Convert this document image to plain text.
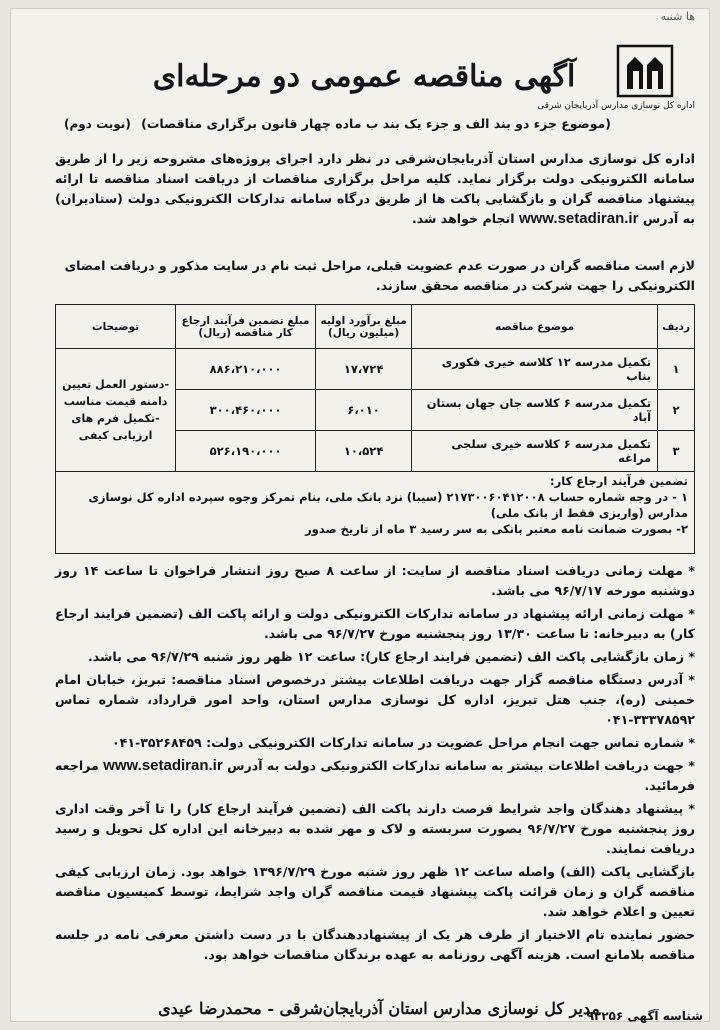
ها شنبه
اداره کل نوسازی مدارس آذربایجان شرقی
آگهی مناقصه عمومی دو مرحله‌ای
(موضوع جزء دو بند الف و جزء یک بند ب ماده چهار قانون برگزاری مناقصات) (نوبت دوم)
اداره کل نوسازی مدارس استان آذربایجان‌شرقی در نظر دارد اجرای پروژه‌های مشروحه زیر را از طریق سامانه الکترونیکی دولت برگزار نماید. کلیه مراحل برگزاری مناقصات از دریافت اسناد مناقصه تا ارائه پیشنهاد مناقصه گران و بازگشایی پاکت ها از طریق درگاه سامانه تدارکات الکترونیکی دولت (ستاد‌یران) به آدرس www.setadiran.ir انجام خواهد شد.
لازم است مناقصه گران در صورت عدم عضویت قبلی، مراحل ثبت نام در سایت مذکور و دریافت امضای الکترونیکی را جهت شرکت در مناقصه محقق سازند.
ردیف	موضوع مناقصه	مبلغ برآورد اولیه (میلیون ریال)	مبلغ تضمین فرآیند ارجاع کار مناقصه (ریال)	توضیحات
۱	تکمیل مدرسه ۱۲ کلاسه خیری فکوری بناب	۱۷،۷۲۴	۸۸۶،۲۱۰،۰۰۰	-دستور العمل تعیین دامنه قیمت مناسب -تکمیل فرم های ارزیابی کیفی
۲	تکمیل مدرسه ۶ کلاسه جان جهان بستان آباد	۶،۰۱۰	۳۰۰،۴۶۰،۰۰۰	
۳	تکمیل مدرسه ۶ کلاسه خیری سلجی مراغه	۱۰،۵۲۴	۵۲۶،۱۹۰،۰۰۰	
تضمین فرآیند ارجاع کار:
۱ - در وجه شماره حساب ۲۱۷۳۰۰۶۰۴۱۲۰۰۸ (سیبا) نزد بانک ملی، بنام تمرکز وجوه سپرده اداره کل نوسازی مدارس (واریزی فقط از بانک ملی)
۲- بصورت ضمانت نامه معتبر بانکی به سر رسید ۳ ماه از تاریخ صدور

* مهلت زمانی دریافت اسناد مناقصه از سایت: از ساعت ۸ صبح روز انتشار فراخوان تا ساعت ۱۴ روز دوشنبه مورخه ۹۶/۷/۱۷ می باشد.

* مهلت زمانی ارائه پیشنهاد در سامانه تدارکات الکترونیکی دولت و ارائه پاکت الف (تضمین فرایند ارجاع کار) به دبیرخانه: تا ساعت ۱۳/۳۰ روز پنجشنبه مورخ ۹۶/۷/۲۷ می باشد.

* زمان بازگشایی پاکت الف (تضمین فرایند ارجاع کار): ساعت ۱۲ ظهر روز شنبه ۹۶/۷/۲۹ می باشد.

* آدرس دستگاه مناقصه گزار جهت دریافت اطلاعات بیشتر درخصوص اسناد مناقصه: تبریز، خیابان امام خمینی (ره)، جنب هتل تبریز، اداره کل نوسازی مدارس استان، واحد امور قرارداد، شماره تماس ۳۳۳۷۸۵۹۲-۰۴۱

* شماره تماس جهت انجام مراحل عضویت در سامانه تدارکات الکترونیکی دولت: ۳۵۲۶۸۴۵۹-۰۴۱

* جهت دریافت اطلاعات بیشتر به سامانه تدارکات الکترونیکی دولت به آدرس www.setadiran.ir مراجعه فرمائید.

* پیشنهاد دهندگان واجد شرایط فرصت دارند پاکت الف (تضمین فرآیند ارجاع کار) را تا آخر وقت اداری روز پنجشنبه مورخ ۹۶/۷/۲۷ بصورت سربسته و لاک و مهر شده به دبیرخانه این اداره کل تحویل و رسید دریافت نمایند.

بازگشایی پاکت (الف) واصله ساعت ۱۲ ظهر روز شنبه مورخ ۱۳۹۶/۷/۲۹ خواهد بود. زمان ارزیابی کیفی مناقصه گران و زمان قرائت پاکت پیشنهاد قیمت مناقصه گران واجد شرایط، توسط کمیسیون مناقصه تعیین و اعلام خواهد شد.

حضور نماینده تام الاختیار از طرف هر یک از پیشنهاددهندگان با در دست داشتن معرفی نامه در جلسه مناقصه بلامانع است. هزینه آگهی روزنامه به عهده برندگان مناقصات خواهد بود.

مدیر کل نوسازی مدارس استان آذربایجان‌شرقی - محمدرضا عیدی
شناسه آگهی ۹۲۲۵۶
